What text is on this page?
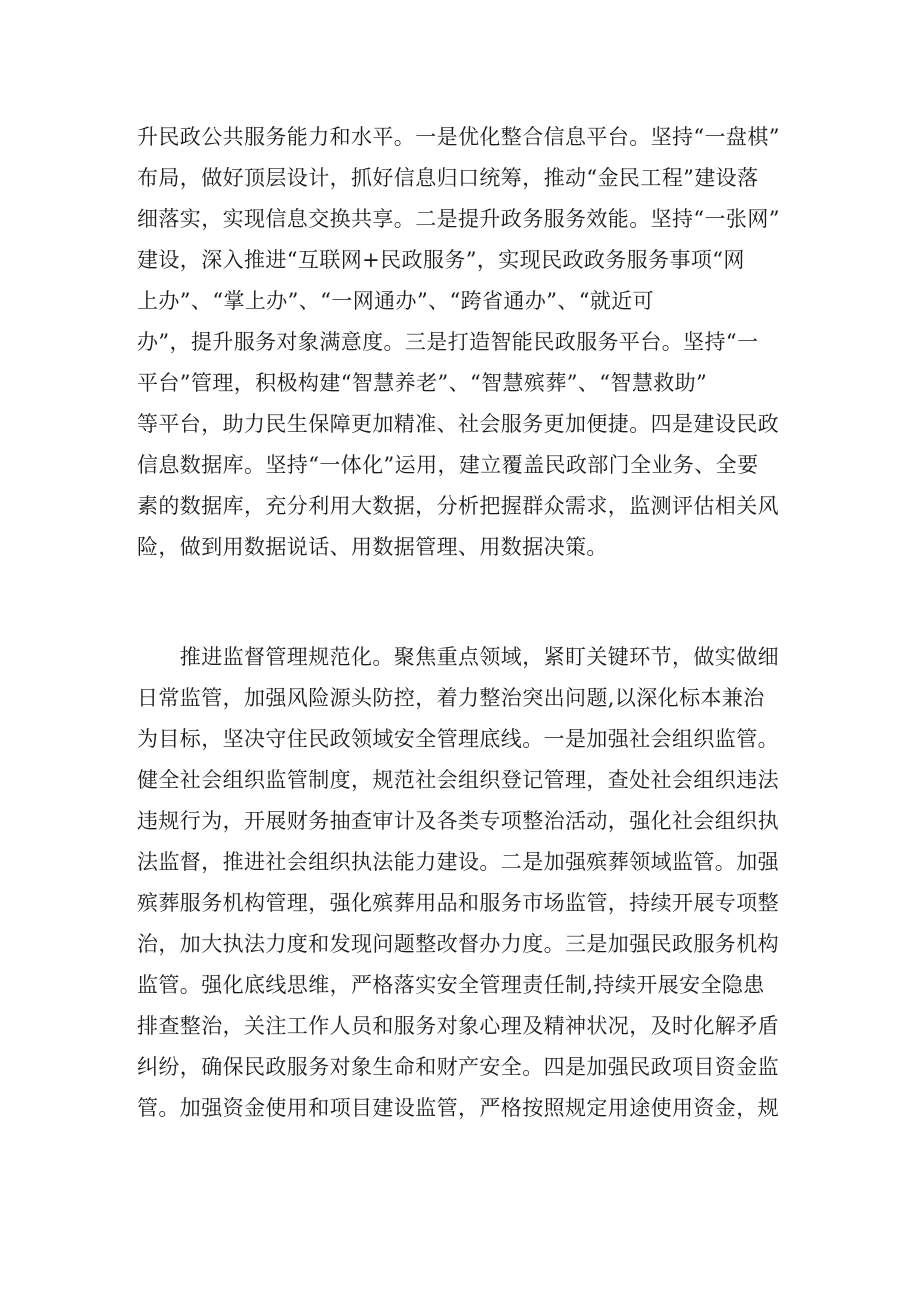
升民政公共服务能力和水平。一是优化整合信息平台。坚持“一盘棋”
布局，做好顶层设计，抓好信息归口统筹，推动“金民工程”建设落
细落实，实现信息交换共享。二是提升政务服务效能。坚持“一张网”
建设，深入推进“互联网+民政服务”，实现民政政务服务事项“网
上办”、“掌上办”、“一网通办”、“跨省通办”、“就近可
办”，提升服务对象满意度。三是打造智能民政服务平台。坚持“一
平台”管理，积极构建“智慧养老”、“智慧殡葬”、“智慧救助”
等平台，助力民生保障更加精准、社会服务更加便捷。四是建设民政
信息数据库。坚持“一体化”运用，建立覆盖民政部门全业务、全要
素的数据库，充分利用大数据，分析把握群众需求，监测评估相关风
险，做到用数据说话、用数据管理、用数据决策。
　　推进监督管理规范化。聚焦重点领域，紧盯关键环节，做实做细
日常监管，加强风险源头防控，着力整治突出问题,以深化标本兼治
为目标，坚决守住民政领域安全管理底线。一是加强社会组织监管。
健全社会组织监管制度，规范社会组织登记管理，查处社会组织违法
违规行为，开展财务抽查审计及各类专项整治活动，强化社会组织执
法监督，推进社会组织执法能力建设。二是加强殡葬领域监管。加强
殡葬服务机构管理，强化殡葬用品和服务市场监管，持续开展专项整
治，加大执法力度和发现问题整改督办力度。三是加强民政服务机构
监管。强化底线思维，严格落实安全管理责任制,持续开展安全隐患
排查整治，关注工作人员和服务对象心理及精神状况，及时化解矛盾
纠纷，确保民政服务对象生命和财产安全。四是加强民政项目资金监
管。加强资金使用和项目建设监管，严格按照规定用途使用资金，规
